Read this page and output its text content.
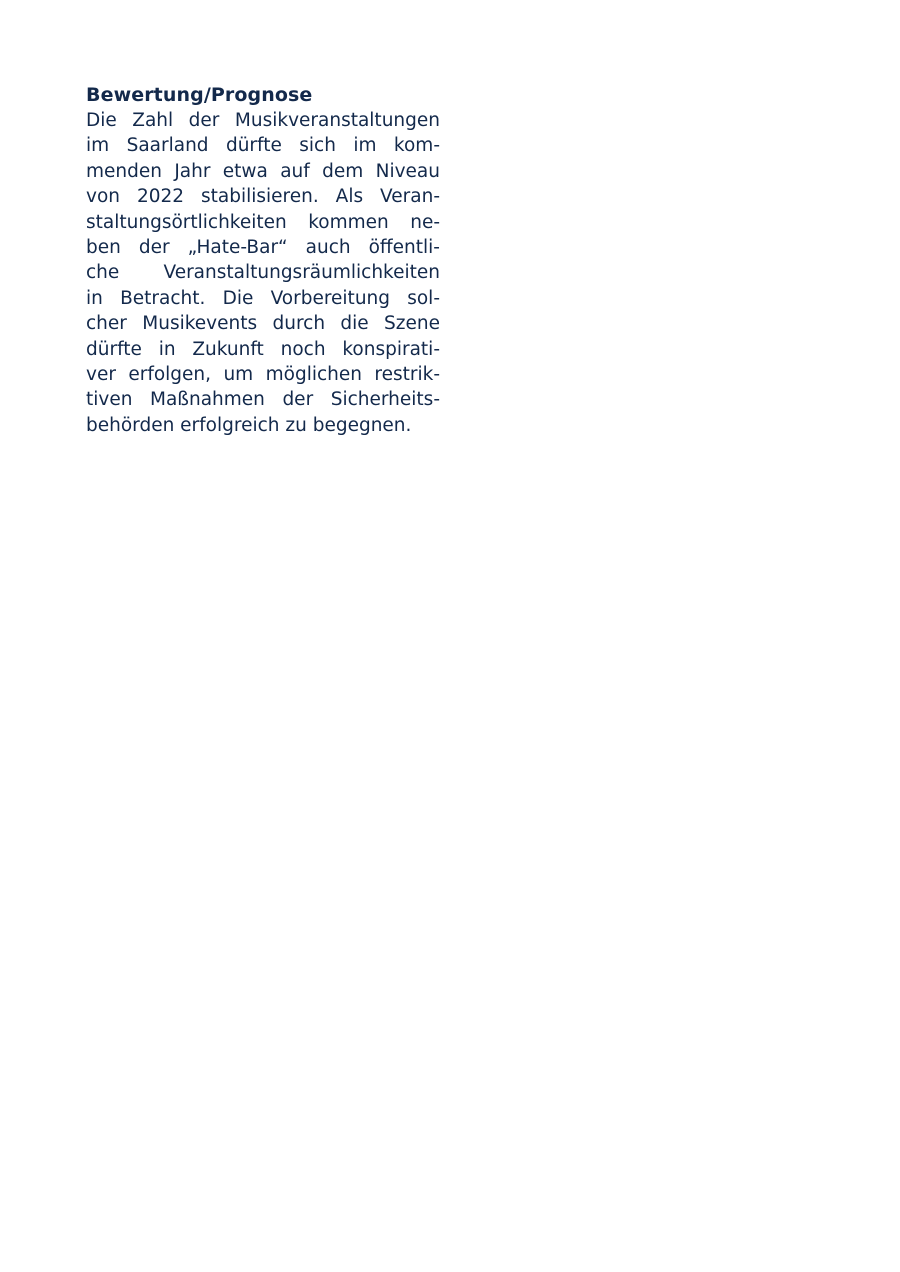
Bewertung/Prognose
Die Zahl der Musikveranstaltungen
im Saarland dürfte sich im kom-
menden Jahr etwa auf dem Niveau
von 2022 stabilisieren. Als Veran-
staltungsörtlichkeiten kommen ne-
ben der „Hate-Bar“ auch öffentli-
che Veranstaltungsräumlichkeiten
in Betracht. Die Vorbereitung sol-
cher Musikevents durch die Szene
dürfte in Zukunft noch konspirati-
ver erfolgen, um möglichen restrik-
tiven Maßnahmen der Sicherheits-
behörden erfolgreich zu begegnen.
